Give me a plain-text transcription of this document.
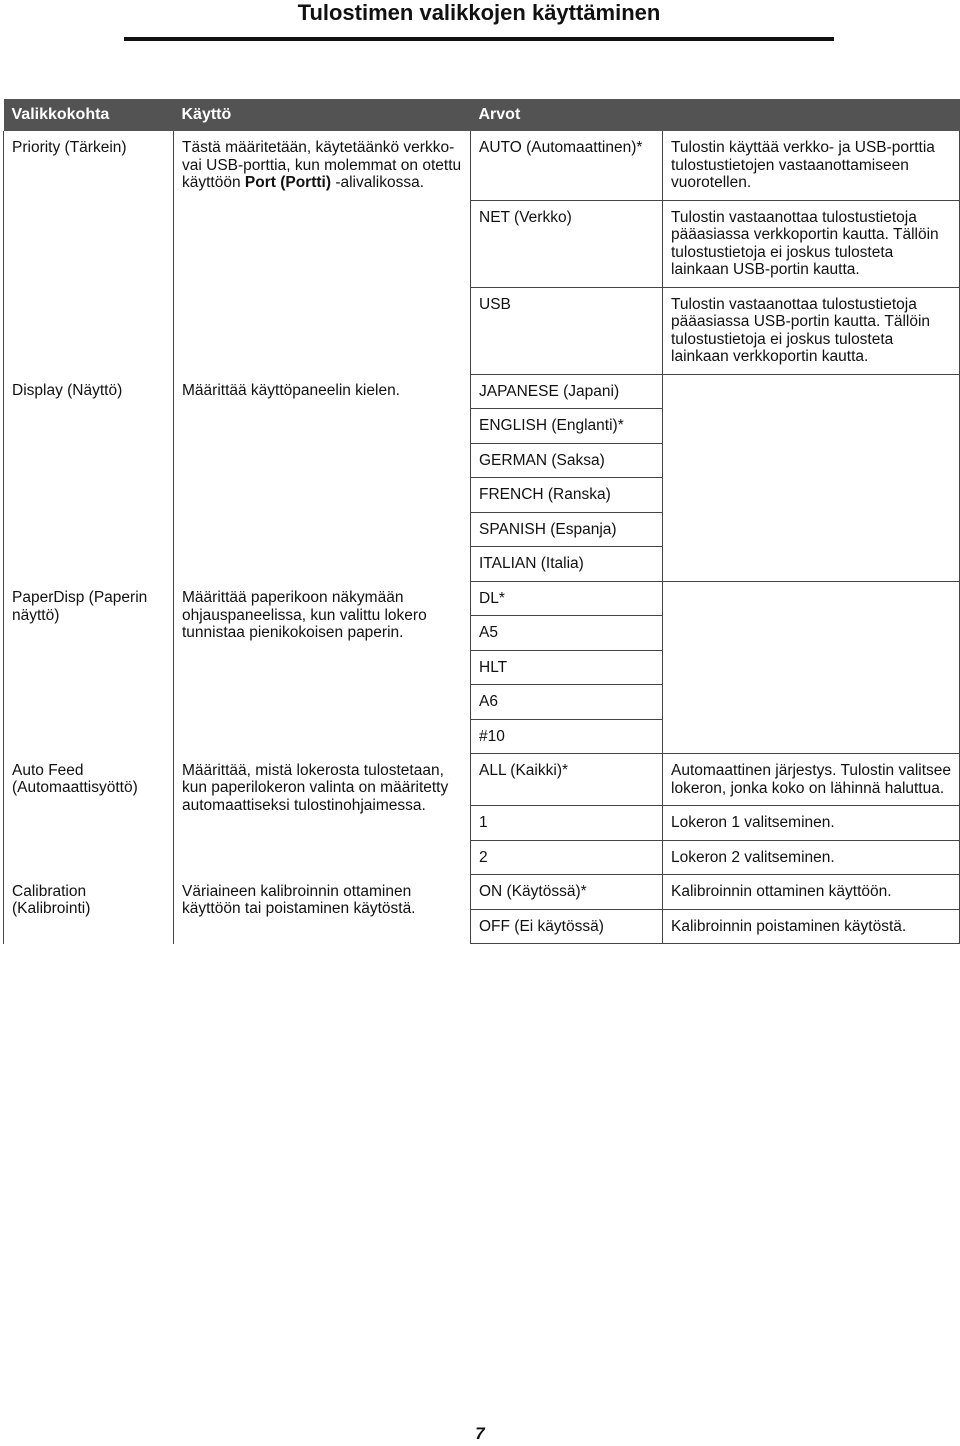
Tulostimen valikkojen käyttäminen
Valikkokohta	Käyttö	Arvot	
Priority (Tärkein)	Tästä määritetään, käytetäänkö verkko- vai USB-porttia, kun molemmat on otettu käyttöön Port (Portti) -alivalikossa.	AUTO (Automaattinen)*	Tulostin käyttää verkko- ja USB-porttia tulostustietojen vastaanottamiseen vuorotellen.
		NET (Verkko)	Tulostin vastaanottaa tulostustietoja pääasiassa verkkoportin kautta. Tällöin tulostustietoja ei joskus tulosteta lainkaan USB-portin kautta.
		USB	Tulostin vastaanottaa tulostustietoja pääasiassa USB-portin kautta. Tällöin tulostustietoja ei joskus tulosteta lainkaan verkkoportin kautta.
Display (Näyttö)	Määrittää käyttöpaneelin kielen.	JAPANESE (Japani)	
		ENGLISH (Englanti)*	
		GERMAN (Saksa)	
		FRENCH (Ranska)	
		SPANISH (Espanja)	
		ITALIAN (Italia)	
PaperDisp (Paperin näyttö)	Määrittää paperikoon näkymään ohjauspaneelissa, kun valittu lokero tunnistaa pienikokoisen paperin.	DL*	
		A5	
		HLT	
		A6	
		#10	
Auto Feed (Automaattisyöttö)	Määrittää, mistä lokerosta tulostetaan, kun paperilokeron valinta on määritetty automaattiseksi tulostinohjaimessa.	ALL (Kaikki)*	Automaattinen järjestys. Tulostin valitsee lokeron, jonka koko on lähinnä haluttua.
		1	Lokeron 1 valitseminen.
		2	Lokeron 2 valitseminen.
Calibration (Kalibrointi)	Väriaineen kalibroinnin ottaminen käyttöön tai poistaminen käytöstä.	ON (Käytössä)*	Kalibroinnin ottaminen käyttöön.
		OFF (Ei käytössä)	Kalibroinnin poistaminen käytöstä.
7
